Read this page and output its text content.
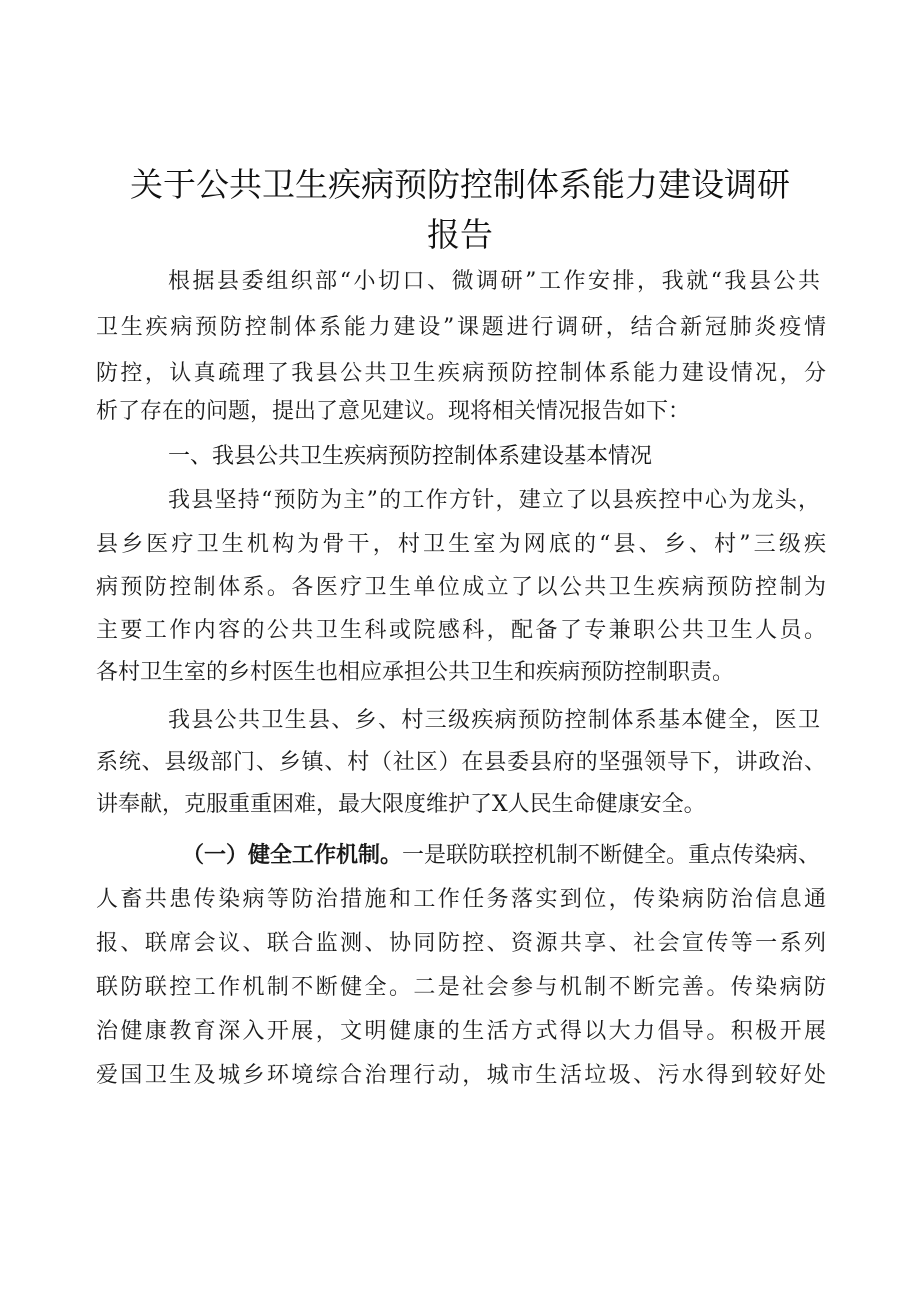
关于公共卫生疾病预防控制体系能力建设调研
报告
根据县委组织部“小切口、微调研”工作安排，我就“我县公共
卫生疾病预防控制体系能力建设”课题进行调研，结合新冠肺炎疫情
防控，认真疏理了我县公共卫生疾病预防控制体系能力建设情况，分
析了存在的问题，提出了意见建议。现将相关情况报告如下：
一、我县公共卫生疾病预防控制体系建设基本情况
我县坚持“预防为主”的工作方针，建立了以县疾控中心为龙头，
县乡医疗卫生机构为骨干，村卫生室为网底的“县、乡、村”三级疾
病预防控制体系。各医疗卫生单位成立了以公共卫生疾病预防控制为
主要工作内容的公共卫生科或院感科，配备了专兼职公共卫生人员。
各村卫生室的乡村医生也相应承担公共卫生和疾病预防控制职责。
我县公共卫生县、乡、村三级疾病预防控制体系基本健全，医卫
系统、县级部门、乡镇、村（社区）在县委县府的坚强领导下，讲政治、
讲奉献，克服重重困难，最大限度维护了X人民生命健康安全。
（一）健全工作机制。一是联防联控机制不断健全。重点传染病、
人畜共患传染病等防治措施和工作任务落实到位，传染病防治信息通
报、联席会议、联合监测、协同防控、资源共享、社会宣传等一系列
联防联控工作机制不断健全。二是社会参与机制不断完善。传染病防
治健康教育深入开展，文明健康的生活方式得以大力倡导。积极开展
爱国卫生及城乡环境综合治理行动，城市生活垃圾、污水得到较好处
